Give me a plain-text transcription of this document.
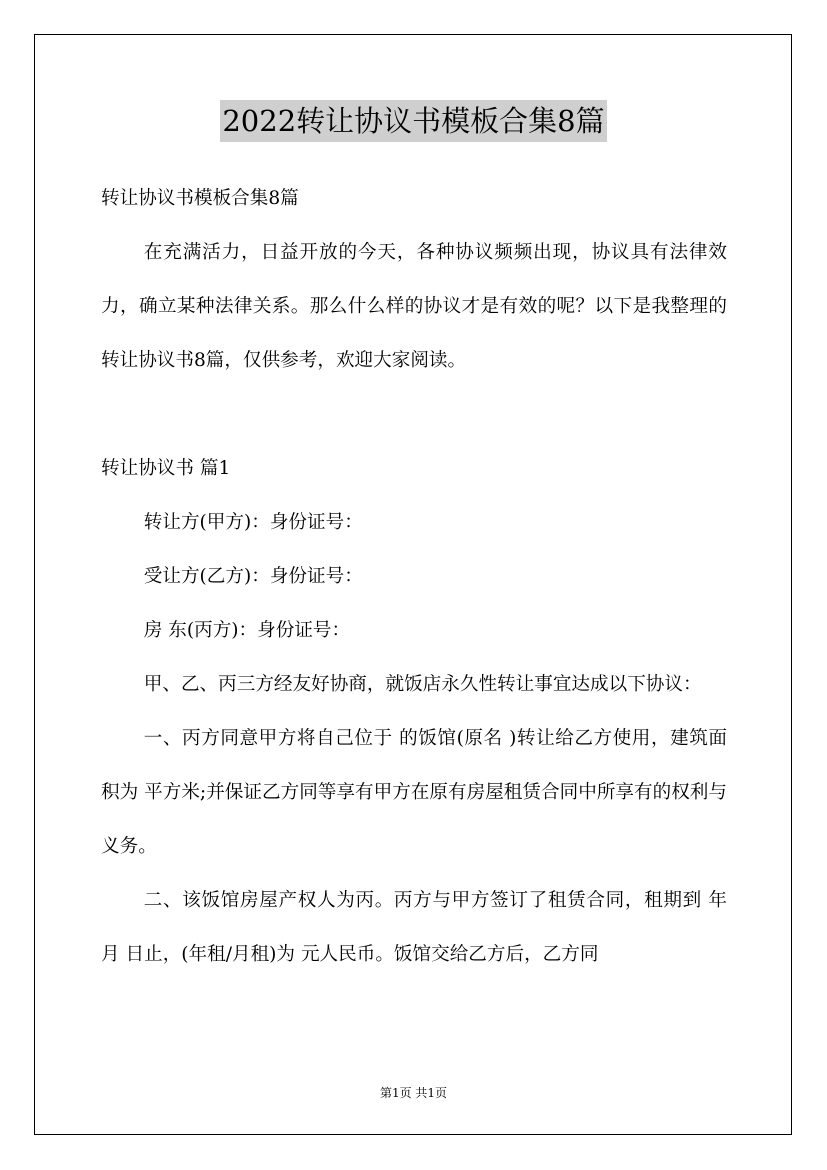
2022转让协议书模板合集8篇

转让协议书模板合集8篇

在充满活力，日益开放的今天，各种协议频频出现，协议具有法律效力，确立某种法律关系。那么什么样的协议才是有效的呢？以下是我整理的转让协议书8篇，仅供参考，欢迎大家阅读。

转让协议书 篇1

转让方(甲方)：身份证号：

受让方(乙方)：身份证号：

房 东(丙方)：身份证号：

甲、乙、丙三方经友好协商，就饭店永久性转让事宜达成以下协议：

一、丙方同意甲方将自己位于 的饭馆(原名 )转让给乙方使用，建筑面积为 平方米;并保证乙方同等享有甲方在原有房屋租赁合同中所享有的权利与义务。

二、该饭馆房屋产权人为丙。丙方与甲方签订了租赁合同，租期到 年 月 日止，(年租/月租)为 元人民币。饭馆交给乙方后，乙方同

第1页 共1页
